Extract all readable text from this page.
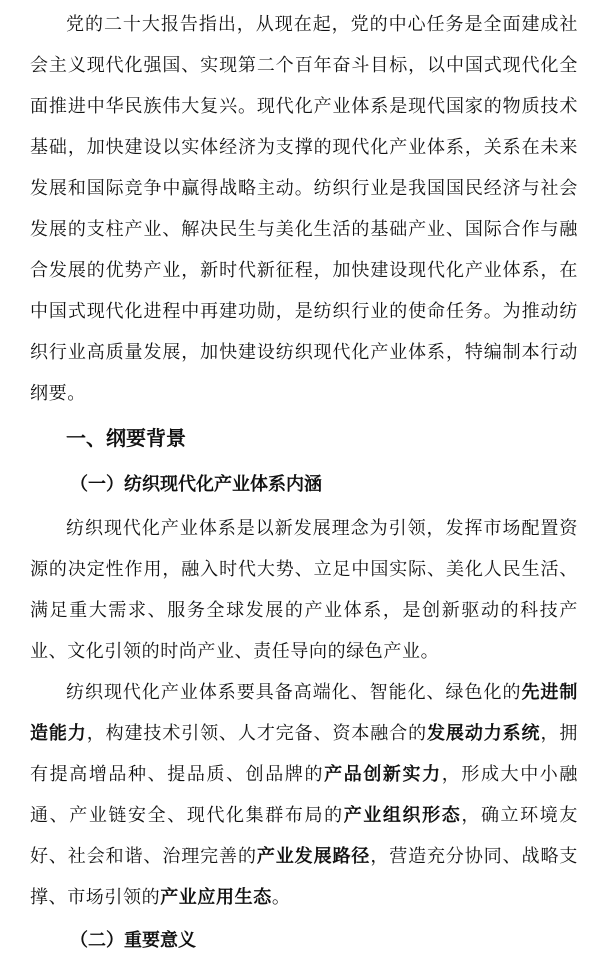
党的二十大报告指出，从现在起，党的中心任务是全面建成社会主义现代化强国、实现第二个百年奋斗目标，以中国式现代化全面推进中华民族伟大复兴。现代化产业体系是现代国家的物质技术基础，加快建设以实体经济为支撑的现代化产业体系，关系在未来发展和国际竞争中赢得战略主动。纺织行业是我国国民经济与社会发展的支柱产业、解决民生与美化生活的基础产业、国际合作与融合发展的优势产业，新时代新征程，加快建设现代化产业体系，在中国式现代化进程中再建功勋，是纺织行业的使命任务。为推动纺织行业高质量发展，加快建设纺织现代化产业体系，特编制本行动纲要。

一、纲要背景
（一）纺织现代化产业体系内涵

纺织现代化产业体系是以新发展理念为引领，发挥市场配置资源的决定性作用，融入时代大势、立足中国实际、美化人民生活、满足重大需求、服务全球发展的产业体系，是创新驱动的科技产业、文化引领的时尚产业、责任导向的绿色产业。

纺织现代化产业体系要具备高端化、智能化、绿色化的先进制造能力，构建技术引领、人才完备、资本融合的发展动力系统，拥有提高增品种、提品质、创品牌的产品创新实力，形成大中小融通、产业链安全、现代化集群布局的产业组织形态，确立环境友好、社会和谐、治理完善的产业发展路径，营造充分协同、战略支撑、市场引领的产业应用生态。

（二）重要意义
